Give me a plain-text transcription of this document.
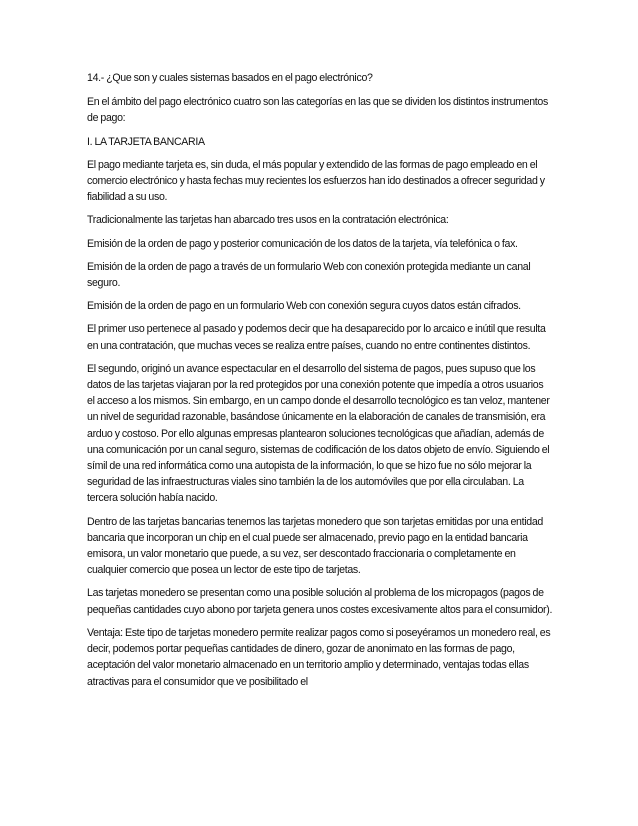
14.- ¿Que son y cuales sistemas basados en el pago electrónico?

En el ámbito del pago electrónico cuatro son las categorías en las que se dividen los distintos instrumentos de pago:

I. LA TARJETA BANCARIA

El pago mediante tarjeta es, sin duda, el más popular y extendido de las formas de pago empleado en el comercio electrónico y hasta fechas muy recientes los esfuerzos han ido destinados a ofrecer seguridad y fiabilidad a su uso.

Tradicionalmente las tarjetas han abarcado tres usos en la contratación electrónica:

Emisión de la orden de pago y posterior comunicación de los datos de la tarjeta, vía telefónica o fax.

Emisión de la orden de pago a través de un formulario Web con conexión protegida mediante un canal seguro.

Emisión de la orden de pago en un formulario Web con conexión segura cuyos datos están cifrados.

El primer uso pertenece al pasado y podemos decir que ha desaparecido por lo arcaico e inútil que resulta en una contratación, que muchas veces se realiza entre países, cuando no entre continentes distintos.

El segundo, originó un avance espectacular en el desarrollo del sistema de pagos, pues supuso que los datos de las tarjetas viajaran por la red protegidos por una conexión potente que impedía a otros usuarios el acceso a los mismos. Sin embargo, en un campo donde el desarrollo tecnológico es tan veloz, mantener un nivel de seguridad razonable, basándose únicamente en la elaboración de canales de transmisión, era arduo y costoso. Por ello algunas empresas plantearon soluciones tecnológicas que añadían, además de una comunicación por un canal seguro, sistemas de codificación de los datos objeto de envío. Siguiendo el símil de una red informática como una autopista de la información, lo que se hizo fue no sólo mejorar la seguridad de las infraestructuras viales sino también la de los automóviles que por ella circulaban. La tercera solución había nacido.

Dentro de las tarjetas bancarias tenemos las tarjetas monedero que son tarjetas emitidas por una entidad bancaria que incorporan un chip en el cual puede ser almacenado, previo pago en la entidad bancaria emisora, un valor monetario que puede, a su vez, ser descontado fraccionaria o completamente en cualquier comercio que posea un lector de este tipo de tarjetas.

Las tarjetas monedero se presentan como una posible solución al problema de los micropagos (pagos de pequeñas cantidades cuyo abono por tarjeta genera unos costes excesivamente altos para el consumidor).

Ventaja: Este tipo de tarjetas monedero permite realizar pagos como si poseyéramos un monedero real, es decir, podemos portar pequeñas cantidades de dinero, gozar de anonimato en las formas de pago, aceptación del valor monetario almacenado en un territorio amplio y determinado, ventajas todas ellas atractivas para el consumidor que ve posibilitado el
